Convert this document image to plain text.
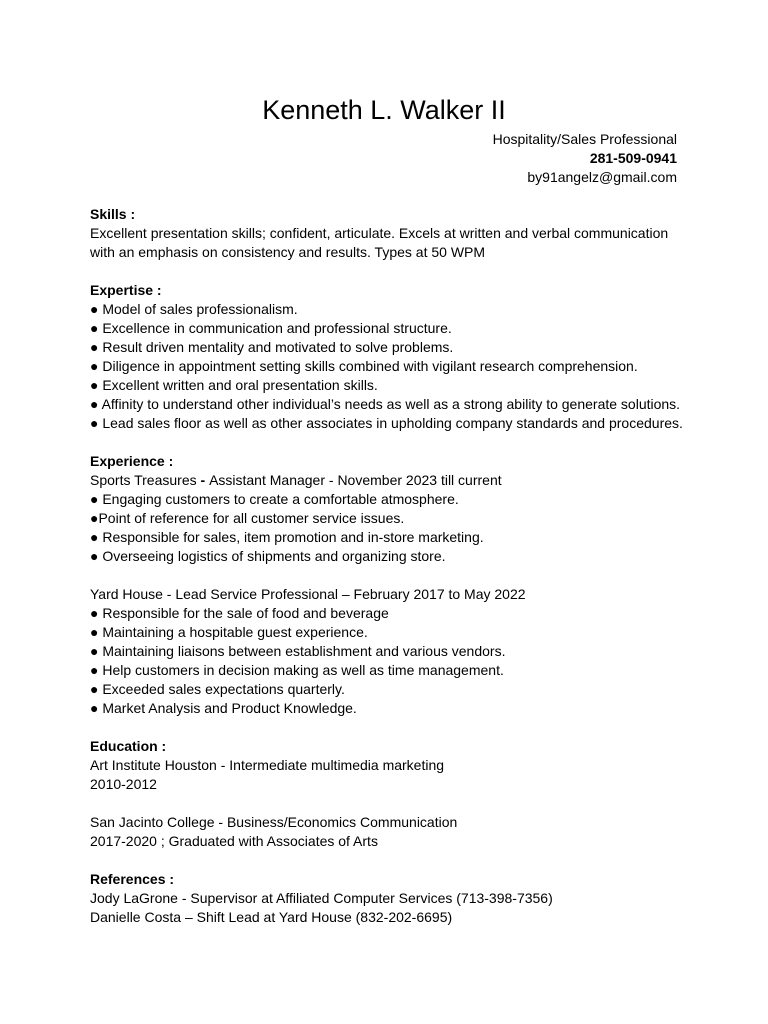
Kenneth L. Walker II
Hospitality/Sales Professional
281-509-0941
by91angelz@gmail.com
Skills :
Excellent presentation skills; confident, articulate. Excels at written and verbal communication
with an emphasis on consistency and results. Types at 50 WPM
Expertise :
● Model of sales professionalism.
● Excellence in communication and professional structure.
● Result driven mentality and motivated to solve problems.
● Diligence in appointment setting skills combined with vigilant research comprehension.
● Excellent written and oral presentation skills.
● Affinity to understand other individual’s needs as well as a strong ability to generate solutions.
● Lead sales floor as well as other associates in upholding company standards and procedures.
Experience :
Sports Treasures - Assistant Manager - November 2023 till current
● Engaging customers to create a comfortable atmosphere.
●Point of reference for all customer service issues.
● Responsible for sales, item promotion and in-store marketing.
● Overseeing logistics of shipments and organizing store.
Yard House - Lead Service Professional – February 2017 to May 2022
● Responsible for the sale of food and beverage
● Maintaining a hospitable guest experience.
● Maintaining liaisons between establishment and various vendors.
● Help customers in decision making as well as time management.
● Exceeded sales expectations quarterly.
● Market Analysis and Product Knowledge.
Education :
Art Institute Houston - Intermediate multimedia marketing
2010-2012
San Jacinto College - Business/Economics Communication
2017-2020 ; Graduated with Associates of Arts
References :
Jody LaGrone - Supervisor at Affiliated Computer Services (713-398-7356)
Danielle Costa – Shift Lead at Yard House (832-202-6695)
